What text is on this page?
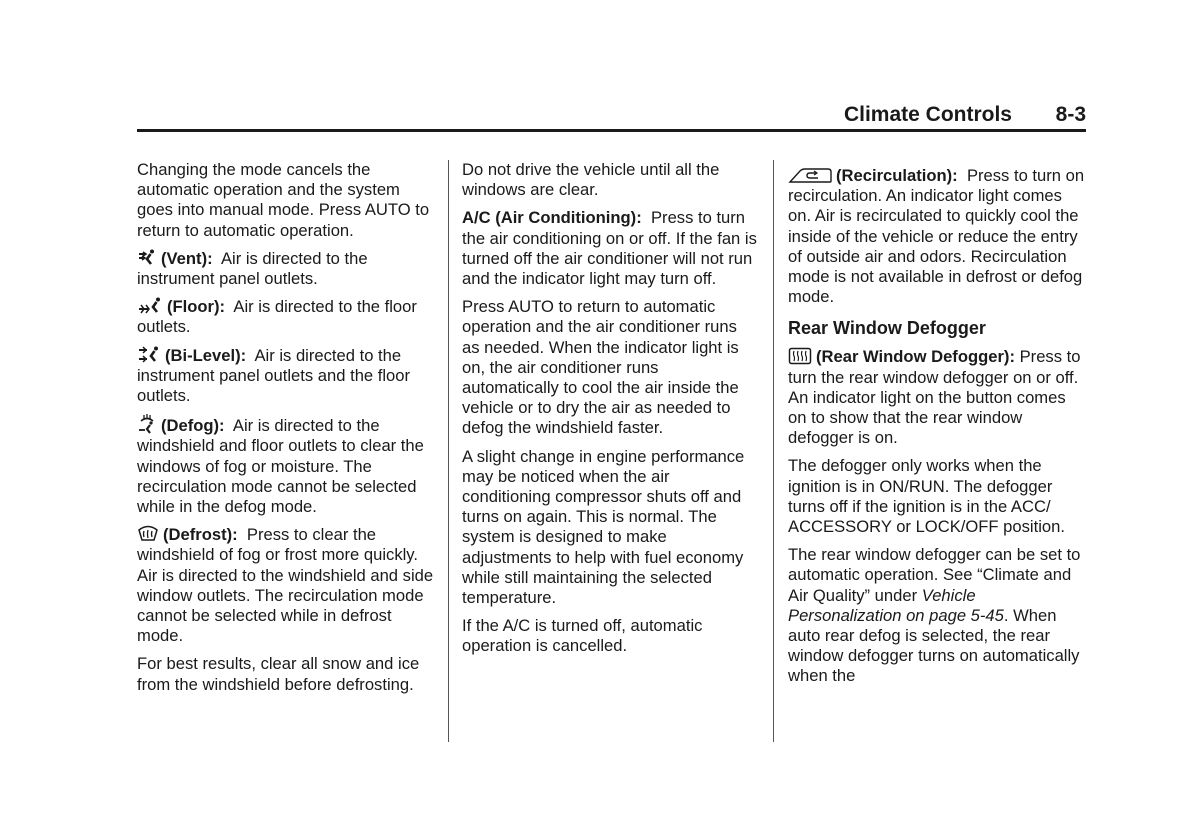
Climate Controls 8-3

Changing the mode cancels the automatic operation and the system goes into manual mode. Press AUTO to return to automatic operation.

(Vent): Air is directed to the instrument panel outlets.

(Floor): Air is directed to the floor outlets.

(Bi-Level): Air is directed to the instrument panel outlets and the floor outlets.

(Defog): Air is directed to the windshield and floor outlets to clear the windows of fog or moisture. The recirculation mode cannot be selected while in the defog mode.

(Defrost): Press to clear the windshield of fog or frost more quickly. Air is directed to the windshield and side window outlets. The recirculation mode cannot be selected while in defrost mode.

For best results, clear all snow and ice from the windshield before defrosting.

Do not drive the vehicle until all the windows are clear.

A/C (Air Conditioning): Press to turn the air conditioning on or off. If the fan is turned off the air conditioner will not run and the indicator light may turn off.

Press AUTO to return to automatic operation and the air conditioner runs as needed. When the indicator light is on, the air conditioner runs automatically to cool the air inside the vehicle or to dry the air as needed to defog the windshield faster.

A slight change in engine performance may be noticed when the air conditioning compressor shuts off and turns on again. This is normal. The system is designed to make adjustments to help with fuel economy while still maintaining the selected temperature.

If the A/C is turned off, automatic operation is cancelled.

(Recirculation): Press to turn on recirculation. An indicator light comes on. Air is recirculated to quickly cool the inside of the vehicle or reduce the entry of outside air and odors. Recirculation mode is not available in defrost or defog mode.

Rear Window Defogger

(Rear Window Defogger): Press to turn the rear window defogger on or off. An indicator light on the button comes on to show that the rear window defogger is on.

The defogger only works when the ignition is in ON/RUN. The defogger turns off if the ignition is in the ACC/ ACCESSORY or LOCK/OFF position.

The rear window defogger can be set to automatic operation. See “Climate and Air Quality” under Vehicle Personalization on page 5-45. When auto rear defog is selected, the rear window defogger turns on automatically when the
